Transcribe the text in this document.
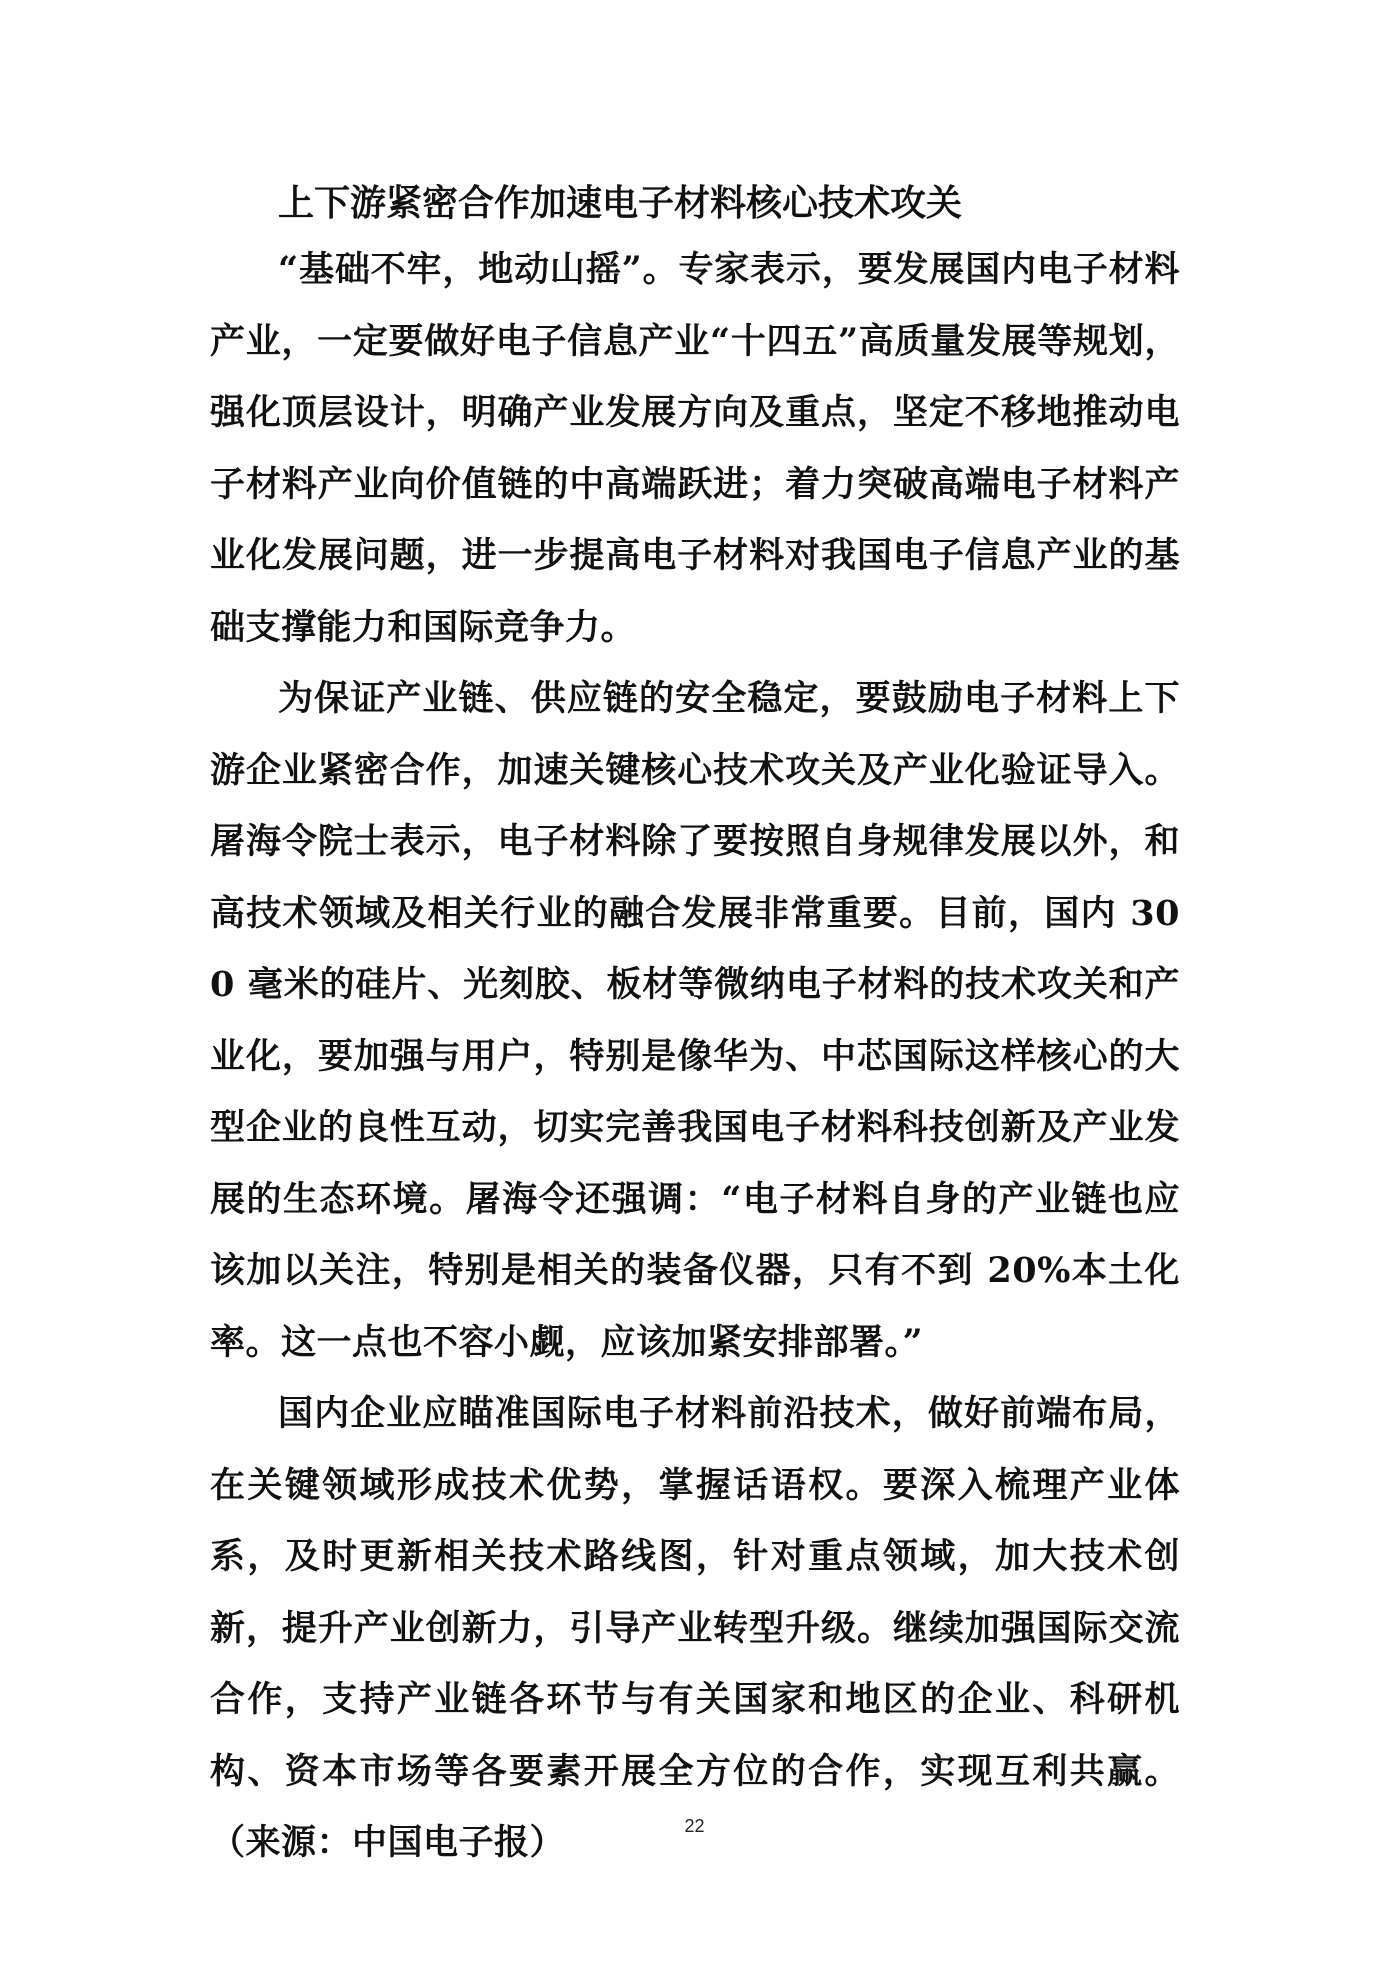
上下游紧密合作加速电子材料核心技术攻关

“基础不牢，地动山摇”。专家表示，要发展国内电子材料产业，一定要做好电子信息产业“十四五”高质量发展等规划，强化顶层设计，明确产业发展方向及重点，坚定不移地推动电子材料产业向价值链的中高端跃进；着力突破高端电子材料产业化发展问题，进一步提高电子材料对我国电子信息产业的基础支撑能力和国际竞争力。

为保证产业链、供应链的安全稳定，要鼓励电子材料上下游企业紧密合作，加速关键核心技术攻关及产业化验证导入。屠海令院士表示，电子材料除了要按照自身规律发展以外，和高技术领域及相关行业的融合发展非常重要。目前，国内 300 毫米的硅片、光刻胶、板材等微纳电子材料的技术攻关和产业化，要加强与用户，特别是像华为、中芯国际这样核心的大型企业的良性互动，切实完善我国电子材料科技创新及产业发展的生态环境。屠海令还强调：“电子材料自身的产业链也应该加以关注，特别是相关的装备仪器，只有不到 20%本土化率。这一点也不容小觑，应该加紧安排部署。”

国内企业应瞄准国际电子材料前沿技术，做好前端布局，在关键领域形成技术优势，掌握话语权。要深入梳理产业体系，及时更新相关技术路线图，针对重点领域，加大技术创新，提升产业创新力，引导产业转型升级。继续加强国际交流合作，支持产业链各环节与有关国家和地区的企业、科研机构、资本市场等各要素开展全方位的合作，实现互利共赢。（来源：中国电子报）	22
